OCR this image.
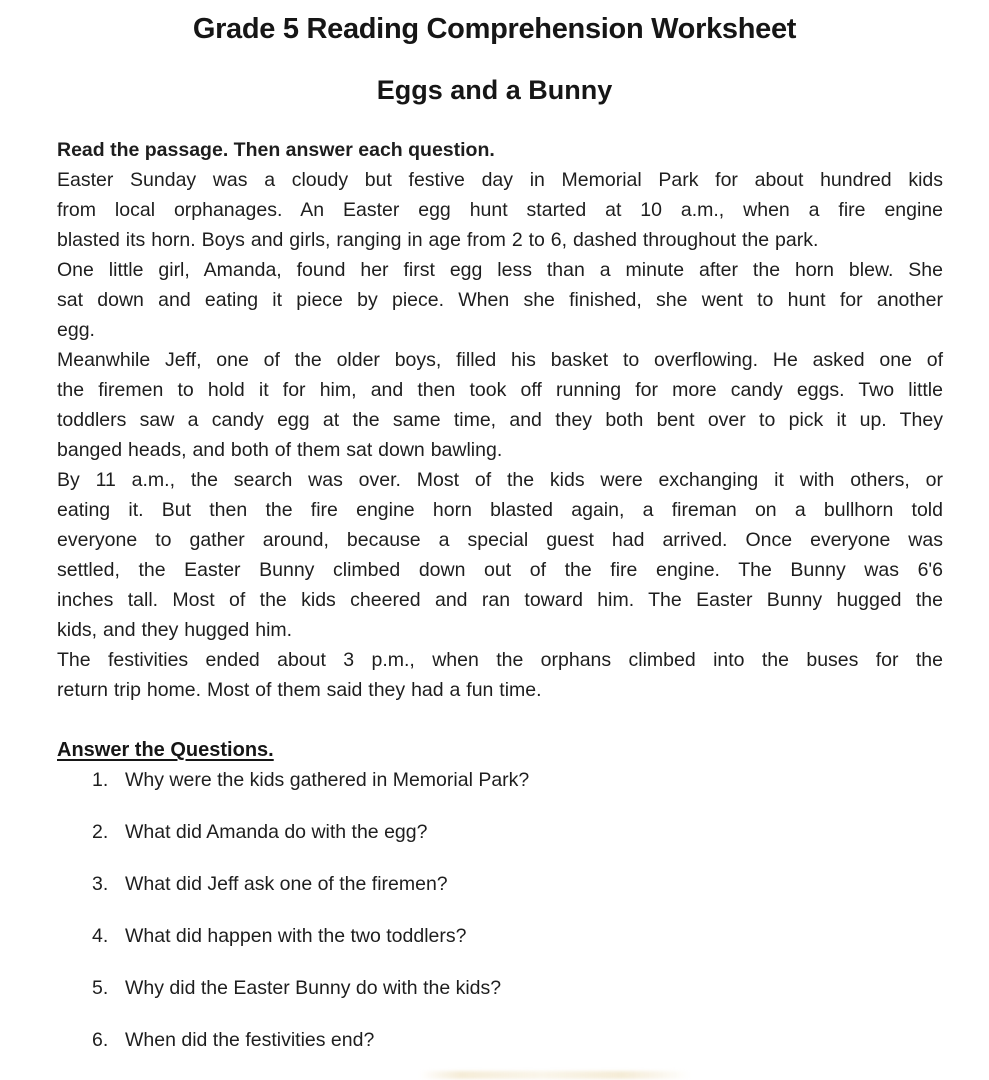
Grade 5 Reading Comprehension Worksheet
Eggs and a Bunny
Read the passage. Then answer each question.

Easter Sunday was a cloudy but festive day in Memorial Park for about hundred kids
from local orphanages. An Easter egg hunt started at 10 a.m., when a fire engine
blasted its horn. Boys and girls, ranging in age from 2 to 6, dashed throughout the park.

One little girl, Amanda, found her first egg less than a minute after the horn blew. She
sat down and eating it piece by piece. When she finished, she went to hunt for another
egg.

Meanwhile Jeff, one of the older boys, filled his basket to overflowing. He asked one of
the firemen to hold it for him, and then took off running for more candy eggs. Two little
toddlers saw a candy egg at the same time, and they both bent over to pick it up. They
banged heads, and both of them sat down bawling.

By 11 a.m., the search was over. Most of the kids were exchanging it with others, or
eating it. But then the fire engine horn blasted again, a fireman on a bullhorn told
everyone to gather around, because a special guest had arrived. Once everyone was
settled, the Easter Bunny climbed down out of the fire engine. The Bunny was 6'6
inches tall. Most of the kids cheered and ran toward him. The Easter Bunny hugged the
kids, and they hugged him.

The festivities ended about 3 p.m., when the orphans climbed into the buses for the
return trip home. Most of them said they had a fun time.

Answer the Questions.
1. Why were the kids gathered in Memorial Park?
2. What did Amanda do with the egg?
3. What did Jeff ask one of the firemen?
4. What did happen with the two toddlers?
5. Why did the Easter Bunny do with the kids?
6. When did the festivities end?
